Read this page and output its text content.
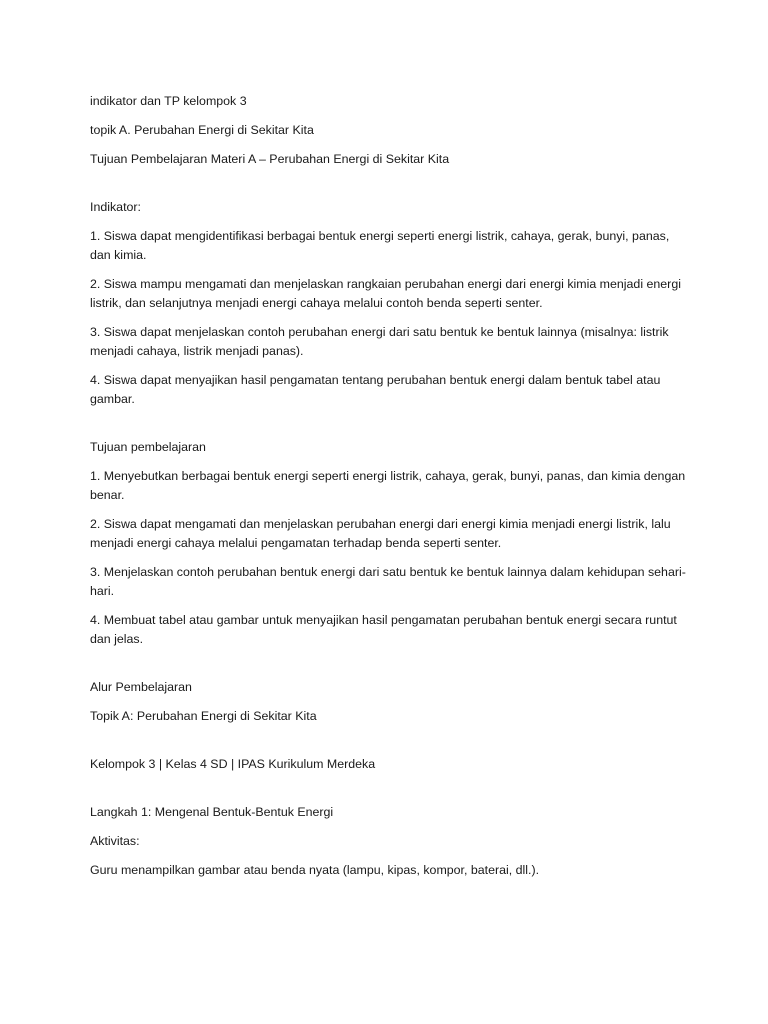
indikator dan TP kelompok 3

topik A. Perubahan Energi di Sekitar Kita

Tujuan Pembelajaran Materi A – Perubahan Energi di Sekitar Kita

Indikator:

1. Siswa dapat mengidentifikasi berbagai bentuk energi seperti energi listrik, cahaya, gerak, bunyi, panas, dan kimia.

2. Siswa mampu mengamati dan menjelaskan rangkaian perubahan energi dari energi kimia menjadi energi listrik, dan selanjutnya menjadi energi cahaya melalui contoh benda seperti senter.

3. Siswa dapat menjelaskan contoh perubahan energi dari satu bentuk ke bentuk lainnya (misalnya: listrik menjadi cahaya, listrik menjadi panas).

4. Siswa dapat menyajikan hasil pengamatan tentang perubahan bentuk energi dalam bentuk tabel atau gambar.

Tujuan pembelajaran

1. Menyebutkan berbagai bentuk energi seperti energi listrik, cahaya, gerak, bunyi, panas, dan kimia dengan benar.

2. Siswa dapat mengamati dan menjelaskan perubahan energi dari energi kimia menjadi energi listrik, lalu menjadi energi cahaya melalui pengamatan terhadap benda seperti senter.

3. Menjelaskan contoh perubahan bentuk energi dari satu bentuk ke bentuk lainnya dalam kehidupan sehari-hari.

4. Membuat tabel atau gambar untuk menyajikan hasil pengamatan perubahan bentuk energi secara runtut dan jelas.

Alur Pembelajaran

Topik A: Perubahan Energi di Sekitar Kita

Kelompok 3 | Kelas 4 SD | IPAS Kurikulum Merdeka

Langkah 1: Mengenal Bentuk-Bentuk Energi

Aktivitas:

Guru menampilkan gambar atau benda nyata (lampu, kipas, kompor, baterai, dll.).
